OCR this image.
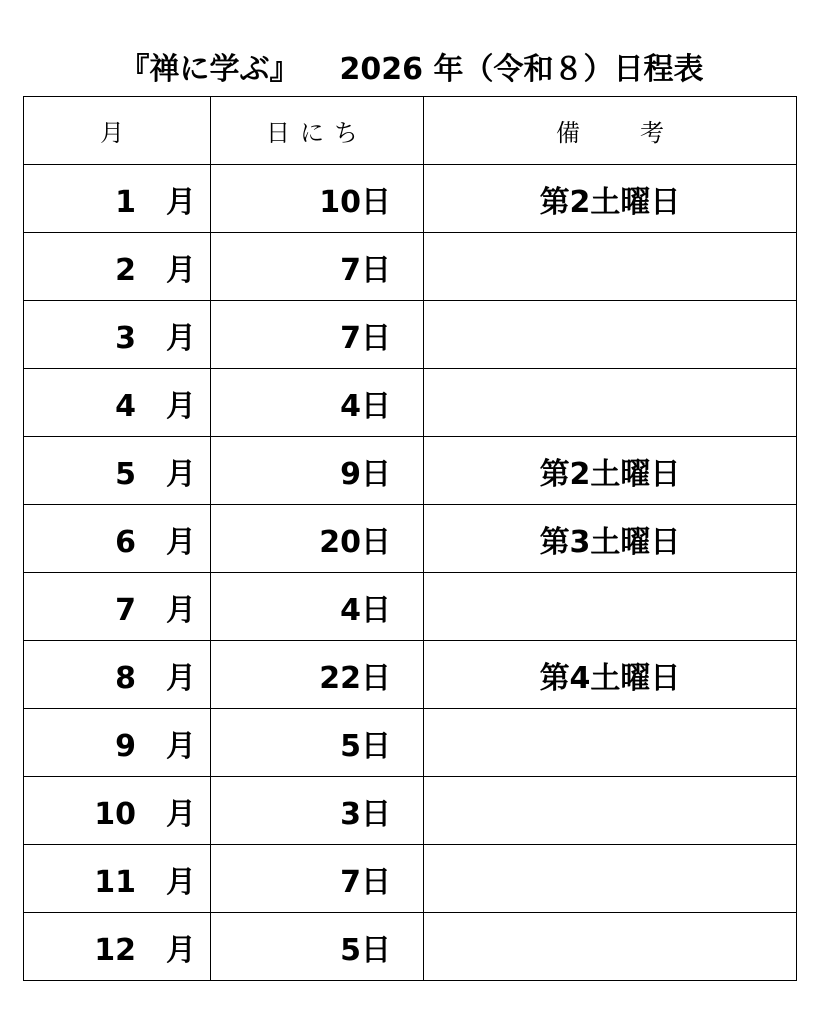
『禅に学ぶ』 2026 年（令和８）日程表
月	日にち	備考
1　月	10日	第2土曜日
2　月	7日	
3　月	7日	
4　月	4日	
5　月	9日	第2土曜日
6　月	20日	第3土曜日
7　月	4日	
8　月	22日	第4土曜日
9　月	5日	
10　月	3日	
11　月	7日	
12　月	5日	
